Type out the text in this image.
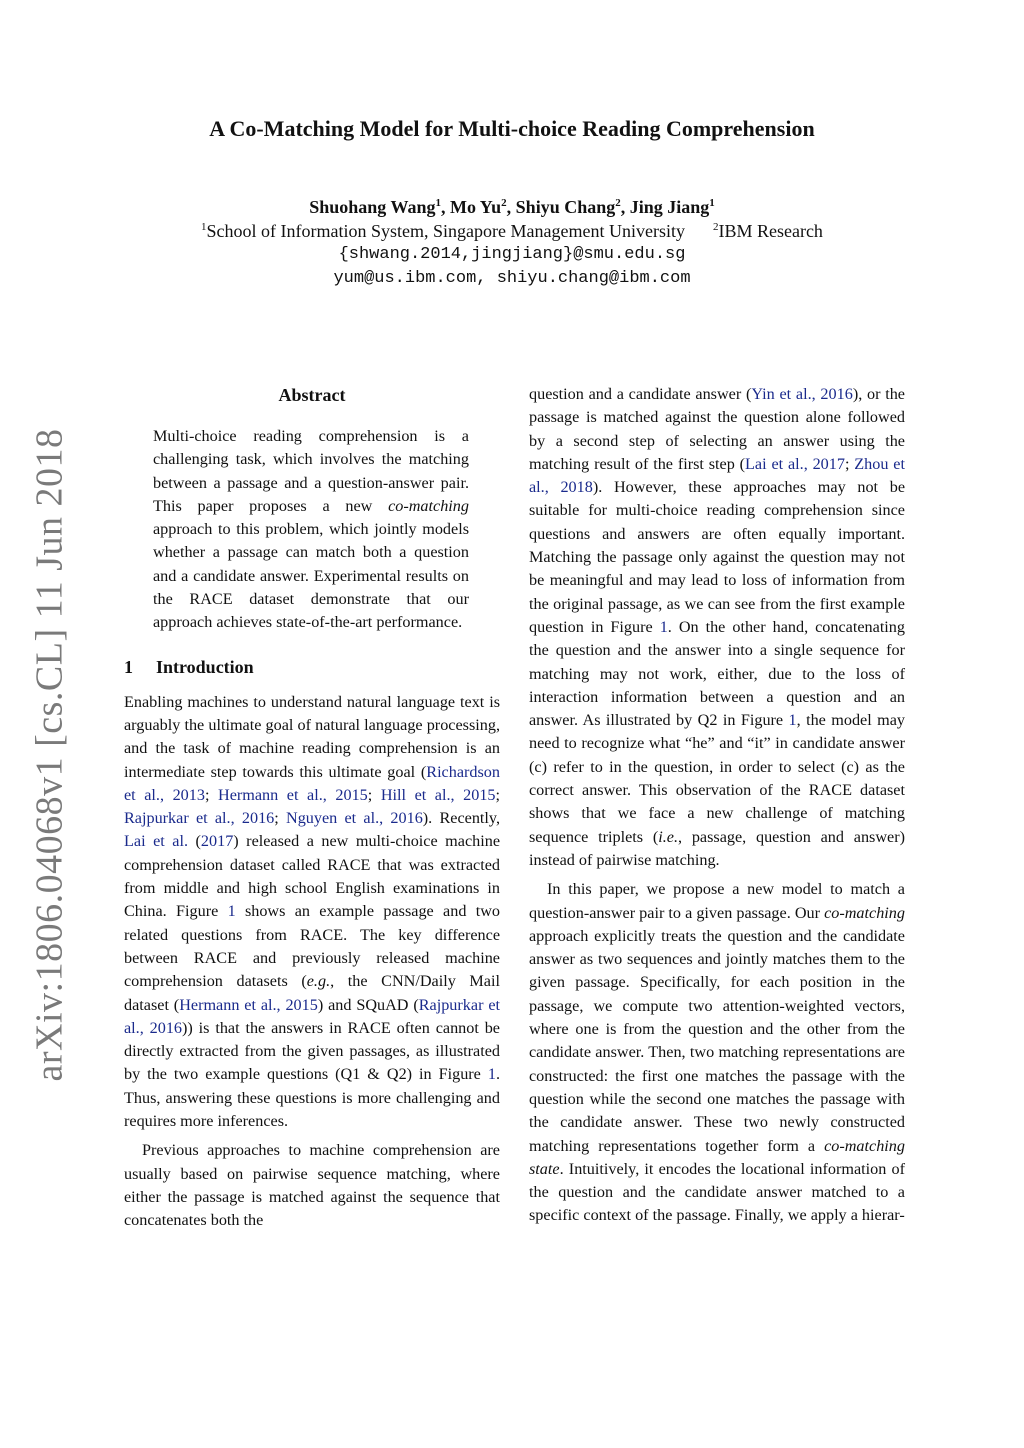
arXiv:1806.04068v1 [cs.CL] 11 Jun 2018
A Co-Matching Model for Multi-choice Reading Comprehension
Shuohang Wang$^1$, Mo Yu$^2$, Shiyu Chang$^2$, Jing Jiang$^1$
$^1$School of Information System, Singapore Management University	$^2$IBM Research
{shwang.2014,jingjiang}@smu.edu.sg
yum@us.ibm.com, shiyu.chang@ibm.com
Abstract

Multi-choice reading comprehension is a challenging task, which involves the matching between a passage and a question-answer pair. This paper proposes a new co-matching approach to this problem, which jointly models whether a passage can match both a question and a candidate answer. Experimental results on the RACE dataset demonstrate that our approach achieves state-of-the-art performance.

1 Introduction

Enabling machines to understand natural language text is arguably the ultimate goal of natural language processing, and the task of machine reading comprehension is an intermediate step towards this ultimate goal (Richardson et al., 2013; Hermann et al., 2015; Hill et al., 2015; Rajpurkar et al., 2016; Nguyen et al., 2016). Recently, Lai et al. (2017) released a new multi-choice machine comprehension dataset called RACE that was extracted from middle and high school English examinations in China. Figure 1 shows an example passage and two related questions from RACE. The key difference between RACE and previously released machine comprehension datasets (e.g., the CNN/Daily Mail dataset (Hermann et al., 2015) and SQuAD (Rajpurkar et al., 2016)) is that the answers in RACE often cannot be directly extracted from the given passages, as illustrated by the two example questions (Q1 & Q2) in Figure 1. Thus, answering these questions is more challenging and requires more inferences.

Previous approaches to machine comprehension are usually based on pairwise sequence matching, where either the passage is matched against the sequence that concatenates both the

question and a candidate answer (Yin et al., 2016), or the passage is matched against the question alone followed by a second step of selecting an answer using the matching result of the first step (Lai et al., 2017; Zhou et al., 2018). However, these approaches may not be suitable for multi-choice reading comprehension since questions and answers are often equally important. Matching the passage only against the question may not be meaningful and may lead to loss of information from the original passage, as we can see from the first example question in Figure 1. On the other hand, concatenating the question and the answer into a single sequence for matching may not work, either, due to the loss of interaction information between a question and an answer. As illustrated by Q2 in Figure 1, the model may need to recognize what “he” and “it” in candidate answer (c) refer to in the question, in order to select (c) as the correct answer. This observation of the RACE dataset shows that we face a new challenge of matching sequence triplets (i.e., passage, question and answer) instead of pairwise matching.

In this paper, we propose a new model to match a question-answer pair to a given passage. Our co-matching approach explicitly treats the question and the candidate answer as two sequences and jointly matches them to the given passage. Specifically, for each position in the passage, we compute two attention-weighted vectors, where one is from the question and the other from the candidate answer. Then, two matching representations are constructed: the first one matches the passage with the question while the second one matches the passage with the candidate answer. These two newly constructed matching representations together form a co-matching state. Intuitively, it encodes the locational information of the question and the candidate answer matched to a specific context of the passage. Finally, we apply a hierar-
